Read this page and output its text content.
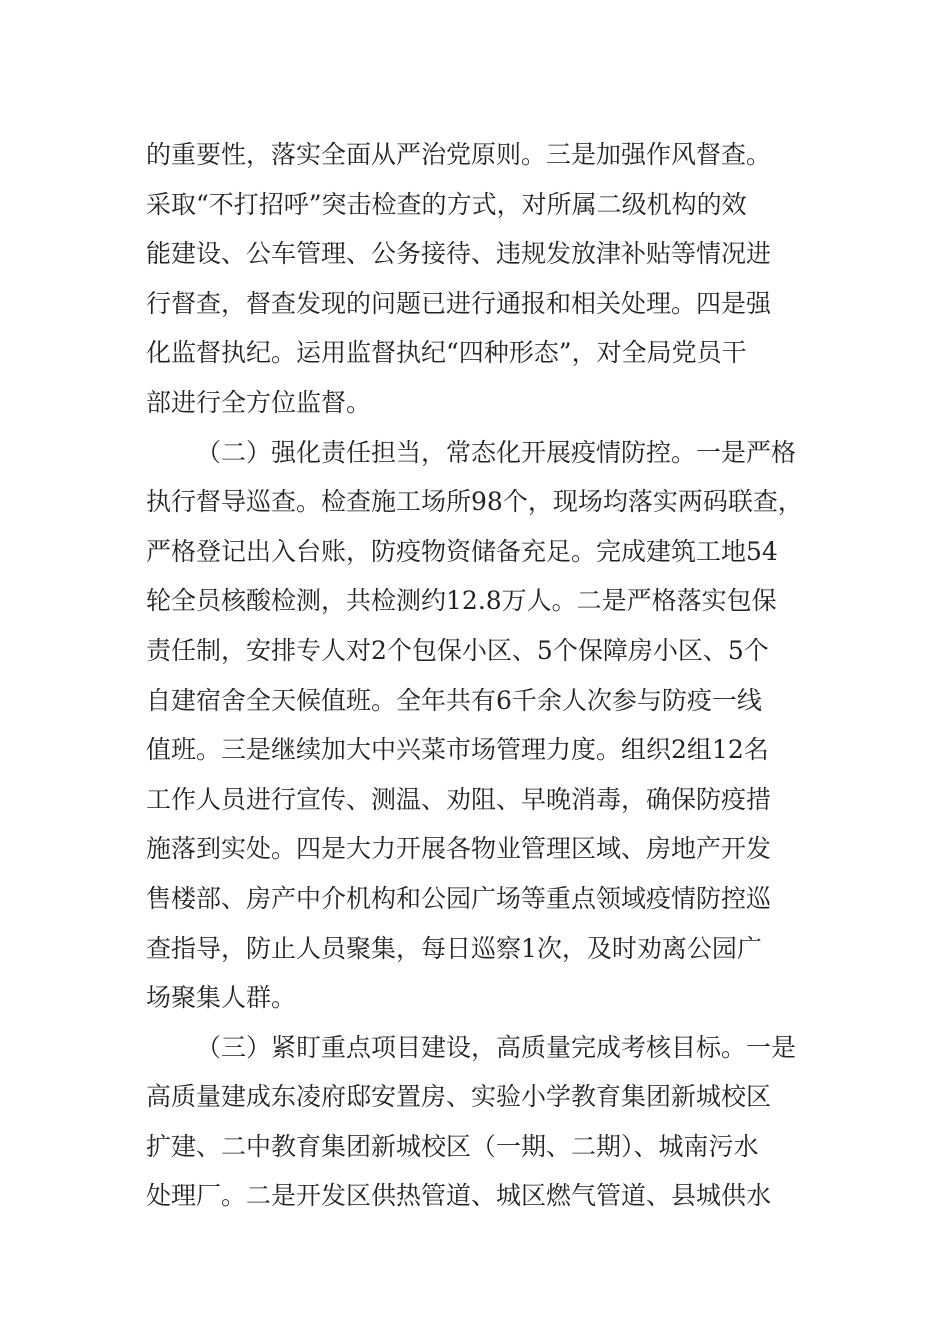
的重要性，落实全面从严治党原则。三是加强作风督查。
采取“不打招呼”突击检查的方式，对所属二级机构的效
能建设、公车管理、公务接待、违规发放津补贴等情况进
行督查，督查发现的问题已进行通报和相关处理。四是强
化监督执纪。运用监督执纪“四种形态”，对全局党员干
部进行全方位监督。
（二）强化责任担当，常态化开展疫情防控。一是严格
执行督导巡查。检查施工场所98个，现场均落实两码联查，
严格登记出入台账，防疫物资储备充足。完成建筑工地54
轮全员核酸检测，共检测约12.8万人。二是严格落实包保
责任制，安排专人对2个包保小区、5个保障房小区、5个
自建宿舍全天候值班。全年共有6千余人次参与防疫一线
值班。三是继续加大中兴菜市场管理力度。组织2组12名
工作人员进行宣传、测温、劝阻、早晚消毒，确保防疫措
施落到实处。四是大力开展各物业管理区域、房地产开发
售楼部、房产中介机构和公园广场等重点领域疫情防控巡
查指导，防止人员聚集，每日巡察1次，及时劝离公园广
场聚集人群。
（三）紧盯重点项目建设，高质量完成考核目标。一是
高质量建成东凌府邸安置房、实验小学教育集团新城校区
扩建、二中教育集团新城校区（一期、二期）、城南污水
处理厂。二是开发区供热管道、城区燃气管道、县城供水
